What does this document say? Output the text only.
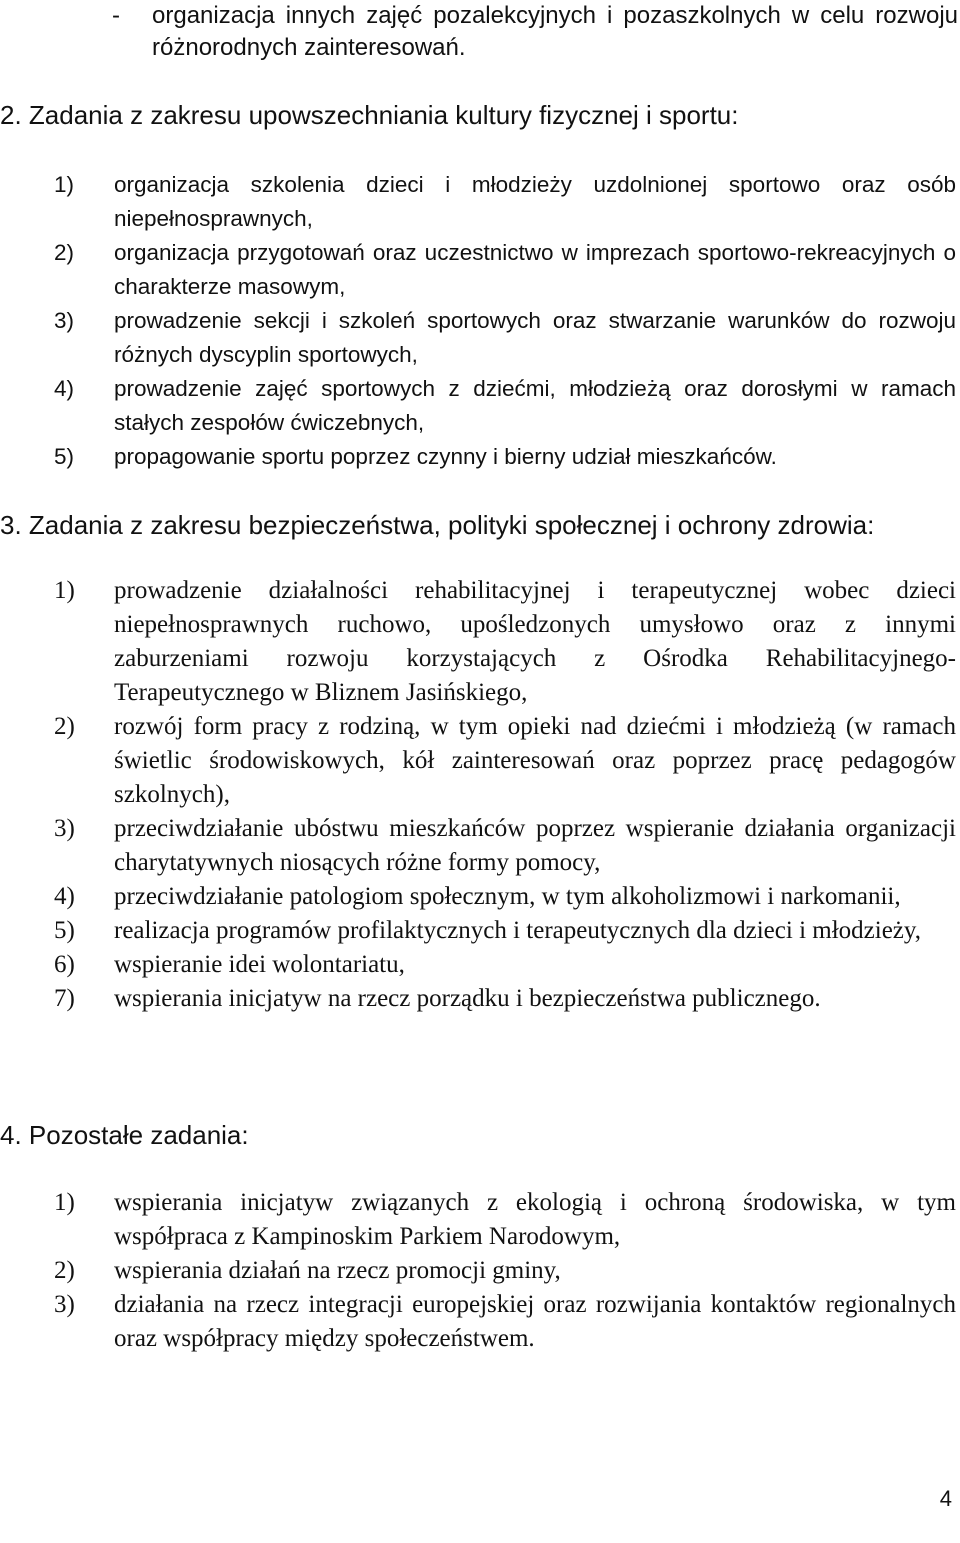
- organizacja innych zajęć pozalekcyjnych i pozaszkolnych w celu rozwoju różnorodnych zainteresowań.
2. Zadania z zakresu upowszechniania kultury fizycznej i sportu:
1) organizacja szkolenia dzieci i młodzieży uzdolnionej sportowo oraz osób niepełnosprawnych,
2) organizacja przygotowań oraz uczestnictwo w imprezach sportowo-rekreacyjnych o charakterze masowym,
3) prowadzenie sekcji i szkoleń sportowych oraz stwarzanie warunków do rozwoju różnych dyscyplin sportowych,
4) prowadzenie zajęć sportowych z dziećmi, młodzieżą oraz dorosłymi w ramach stałych zespołów ćwiczebnych,
5) propagowanie sportu poprzez czynny i bierny udział mieszkańców.
3. Zadania z zakresu bezpieczeństwa, polityki społecznej i ochrony zdrowia:
1) prowadzenie działalności rehabilitacyjnej i terapeutycznej wobec dzieci niepełnosprawnych ruchowo, upośledzonych umysłowo oraz z innymi zaburzeniami rozwoju korzystających z Ośrodka Rehabilitacyjnego- Terapeutycznego w Bliznem Jasińskiego,
2) rozwój form pracy z rodziną, w tym opieki nad dziećmi i młodzieżą (w ramach świetlic środowiskowych, kół zainteresowań oraz poprzez pracę pedagogów szkolnych),
3) przeciwdziałanie ubóstwu mieszkańców poprzez wspieranie działania organizacji charytatywnych niosących różne formy pomocy,
4) przeciwdziałanie patologiom społecznym, w tym alkoholizmowi i narkomanii,
5) realizacja programów profilaktycznych i terapeutycznych dla dzieci i młodzieży,
6) wspieranie idei wolontariatu,
7) wspierania inicjatyw na rzecz porządku i bezpieczeństwa publicznego.
4. Pozostałe zadania:
1) wspierania inicjatyw związanych z ekologią i ochroną środowiska, w tym współpraca z Kampinoskim Parkiem Narodowym,
2) wspierania działań na rzecz promocji gminy,
3) działania na rzecz integracji europejskiej oraz rozwijania kontaktów regionalnych oraz współpracy między społeczeństwem.
4
